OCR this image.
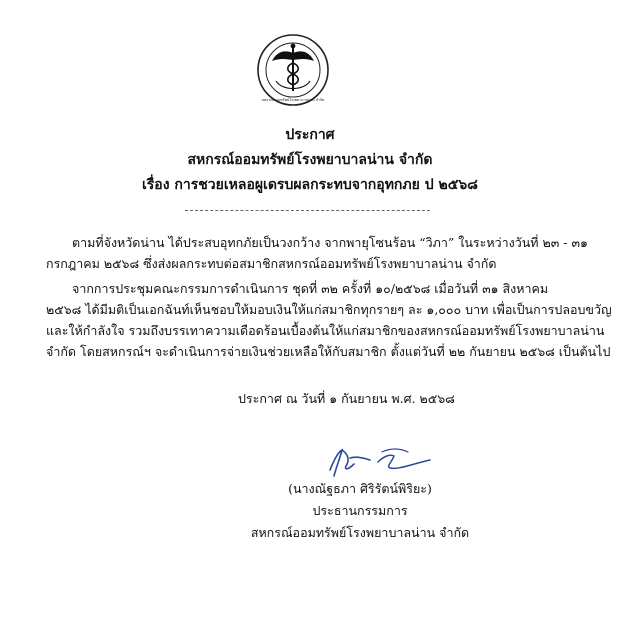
สหกรณ์ออมทรัพย์โรงพยาบาลน่าน จำกัด
ประกาศ
สหกรณ์ออมทรัพย์โรงพยาบาลน่าน จำกัด
เรื่อง การชวยเหลอผูเดรบผลกระทบจากอุทกภย ป ๒๕๖๘
ตามที่จังหวัดน่าน ได้ประสบอุทกภัยเป็นวงกว้าง จากพายุโซนร้อน “วิภา” ในระหว่างวันที่ ๒๓ - ๓๑
กรกฎาคม ๒๕๖๘ ซึ่งส่งผลกระทบต่อสมาชิกสหกรณ์ออมทรัพย์โรงพยาบาลน่าน จำกัด
จากการประชุมคณะกรรมการดำเนินการ ชุดที่ ๓๒ ครั้งที่ ๑๐/๒๕๖๘ เมื่อวันที่ ๓๑ สิงหาคม
๒๕๖๘ ได้มีมติเป็นเอกฉันท์เห็นชอบให้มอบเงินให้แก่สมาชิกทุกรายๆ ละ ๑,๐๐๐ บาท เพื่อเป็นการปลอบขวัญ
และให้กำลังใจ รวมถึงบรรเทาความเดือดร้อนเบื้องต้นให้แก่สมาชิกของสหกรณ์ออมทรัพย์โรงพยาบาลน่าน
จำกัด โดยสหกรณ์ฯ จะดำเนินการจ่ายเงินช่วยเหลือให้กับสมาชิก ตั้งแต่วันที่ ๒๒ กันยายน ๒๕๖๘ เป็นต้นไป
ประกาศ ณ วันที่ ๑ กันยายน พ.ศ. ๒๕๖๘
(นางณัฐธภา ศิริรัตน์พิริยะ)
ประธานกรรมการ
สหกรณ์ออมทรัพย์โรงพยาบาลน่าน จำกัด
